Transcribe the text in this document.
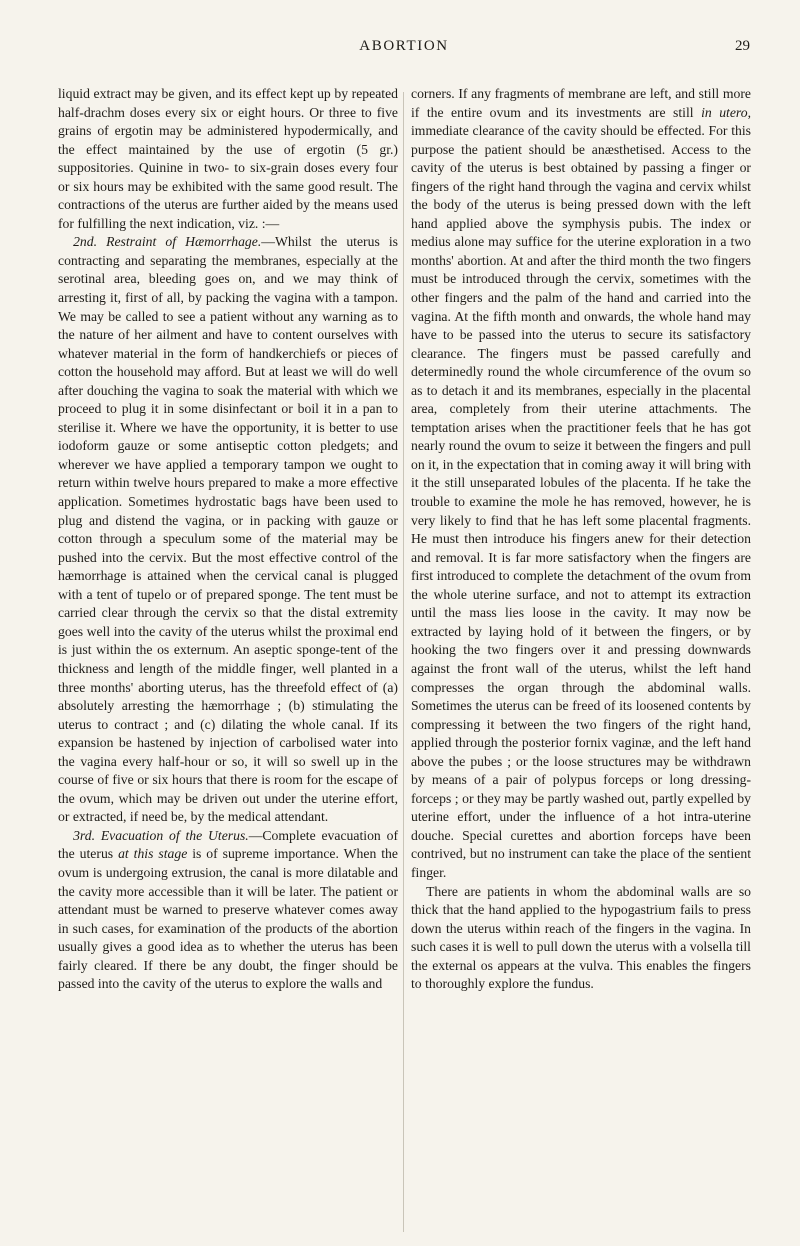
ABORTION	29

liquid extract may be given, and its effect kept up by repeated half-drachm doses every six or eight hours. Or three to five grains of ergotin may be administered hypodermically, and the effect maintained by the use of ergotin (5 gr.) suppositories. Quinine in two- to six-grain doses every four or six hours may be exhibited with the same good result. The contractions of the uterus are further aided by the means used for fulfilling the next indication, viz. :—

2nd. Restraint of Hæmorrhage.—Whilst the uterus is contracting and separating the membranes, especially at the serotinal area, bleeding goes on, and we may think of arresting it, first of all, by packing the vagina with a tampon. We may be called to see a patient without any warning as to the nature of her ailment and have to content ourselves with whatever material in the form of handkerchiefs or pieces of cotton the household may afford. But at least we will do well after douching the vagina to soak the material with which we proceed to plug it in some disinfectant or boil it in a pan to sterilise it. Where we have the opportunity, it is better to use iodoform gauze or some antiseptic cotton pledgets; and wherever we have applied a temporary tampon we ought to return within twelve hours prepared to make a more effective application. Sometimes hydrostatic bags have been used to plug and distend the vagina, or in packing with gauze or cotton through a speculum some of the material may be pushed into the cervix. But the most effective control of the hæmorrhage is attained when the cervical canal is plugged with a tent of tupelo or of prepared sponge. The tent must be carried clear through the cervix so that the distal extremity goes well into the cavity of the uterus whilst the proximal end is just within the os externum. An aseptic sponge-tent of the thickness and length of the middle finger, well planted in a three months' aborting uterus, has the threefold effect of (a) absolutely arresting the hæmorrhage ; (b) stimulating the uterus to contract ; and (c) dilating the whole canal. If its expansion be hastened by injection of carbolised water into the vagina every half-hour or so, it will so swell up in the course of five or six hours that there is room for the escape of the ovum, which may be driven out under the uterine effort, or extracted, if need be, by the medical attendant.

3rd. Evacuation of the Uterus.—Complete evacuation of the uterus at this stage is of supreme importance. When the ovum is undergoing extrusion, the canal is more dilatable and the cavity more accessible than it will be later. The patient or attendant must be warned to preserve whatever comes away in such cases, for examination of the products of the abortion usually gives a good idea as to whether the uterus has been fairly cleared. If there be any doubt, the finger should be passed into the cavity of the uterus to explore the walls and

corners. If any fragments of membrane are left, and still more if the entire ovum and its investments are still in utero, immediate clearance of the cavity should be effected. For this purpose the patient should be anæsthetised. Access to the cavity of the uterus is best obtained by passing a finger or fingers of the right hand through the vagina and cervix whilst the body of the uterus is being pressed down with the left hand applied above the symphysis pubis. The index or medius alone may suffice for the uterine exploration in a two months' abortion. At and after the third month the two fingers must be introduced through the cervix, sometimes with the other fingers and the palm of the hand and carried into the vagina. At the fifth month and onwards, the whole hand may have to be passed into the uterus to secure its satisfactory clearance. The fingers must be passed carefully and determinedly round the whole circumference of the ovum so as to detach it and its membranes, especially in the placental area, completely from their uterine attachments. The temptation arises when the practitioner feels that he has got nearly round the ovum to seize it between the fingers and pull on it, in the expectation that in coming away it will bring with it the still unseparated lobules of the placenta. If he take the trouble to examine the mole he has removed, however, he is very likely to find that he has left some placental fragments. He must then introduce his fingers anew for their detection and removal. It is far more satisfactory when the fingers are first introduced to complete the detachment of the ovum from the whole uterine surface, and not to attempt its extraction until the mass lies loose in the cavity. It may now be extracted by laying hold of it between the fingers, or by hooking the two fingers over it and pressing downwards against the front wall of the uterus, whilst the left hand compresses the organ through the abdominal walls. Sometimes the uterus can be freed of its loosened contents by compressing it between the two fingers of the right hand, applied through the posterior fornix vaginæ, and the left hand above the pubes ; or the loose structures may be withdrawn by means of a pair of polypus forceps or long dressing-forceps ; or they may be partly washed out, partly expelled by uterine effort, under the influence of a hot intra-uterine douche. Special curettes and abortion forceps have been contrived, but no instrument can take the place of the sentient finger.

There are patients in whom the abdominal walls are so thick that the hand applied to the hypogastrium fails to press down the uterus within reach of the fingers in the vagina. In such cases it is well to pull down the uterus with a volsella till the external os appears at the vulva. This enables the fingers to thoroughly explore the fundus.
